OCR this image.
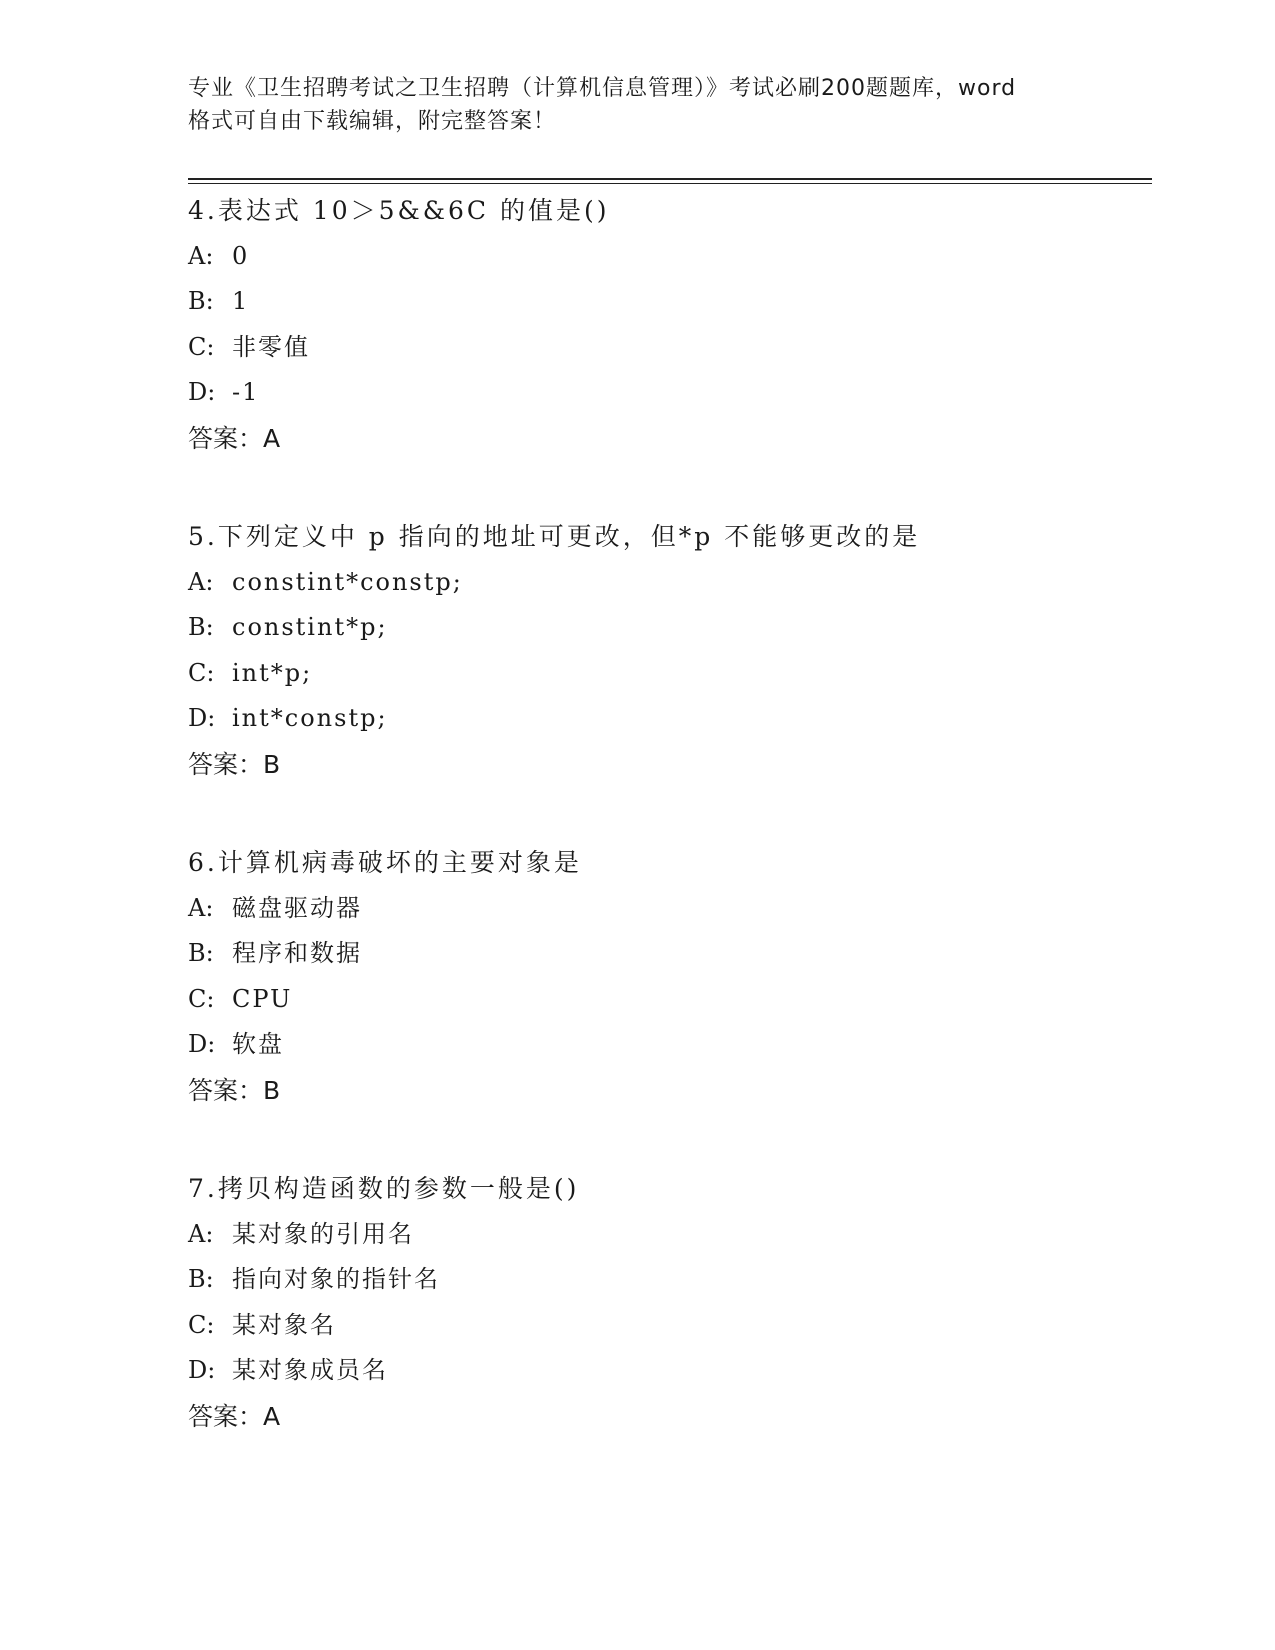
专业《卫生招聘考试之卫生招聘（计算机信息管理）》考试必刷200题题库，word
格式可自由下载编辑，附完整答案！
4.表达式 10＞5&&6C 的值是()
A: 0
B: 1
C: 非零值
D: -1
答案：A
5.下列定义中 p 指向的地址可更改，但*p 不能够更改的是
A: constint*constp;
B: constint*p;
C: int*p;
D: int*constp;
答案：B
6.计算机病毒破坏的主要对象是
A: 磁盘驱动器
B: 程序和数据
C: CPU
D: 软盘
答案：B
7.拷贝构造函数的参数一般是()
A: 某对象的引用名
B: 指向对象的指针名
C: 某对象名
D: 某对象成员名
答案：A
